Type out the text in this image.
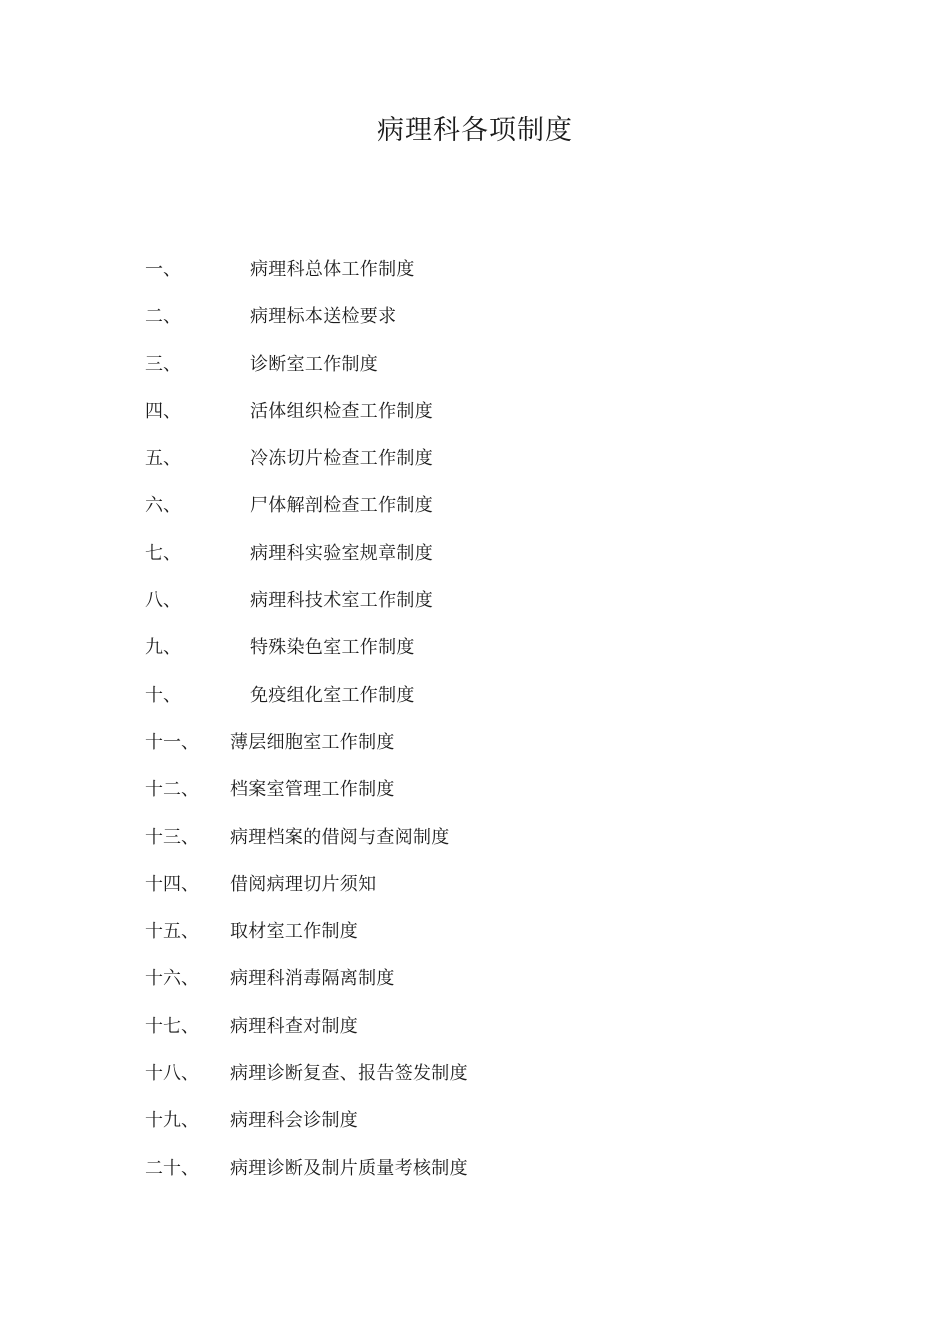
病理科各项制度
一、	病理科总体工作制度
二、	病理标本送检要求
三、	诊断室工作制度
四、	活体组织检查工作制度
五、	冷冻切片检查工作制度
六、	尸体解剖检查工作制度
七、	病理科实验室规章制度
八、	病理科技术室工作制度
九、	特殊染色室工作制度
十、	免疫组化室工作制度
十一、 薄层细胞室工作制度
十二、 档案室管理工作制度
十三、 病理档案的借阅与查阅制度
十四、 借阅病理切片须知
十五、 取材室工作制度
十六、 病理科消毒隔离制度
十七、 病理科查对制度
十八、 病理诊断复查、报告签发制度
十九、 病理科会诊制度
二十、 病理诊断及制片质量考核制度
